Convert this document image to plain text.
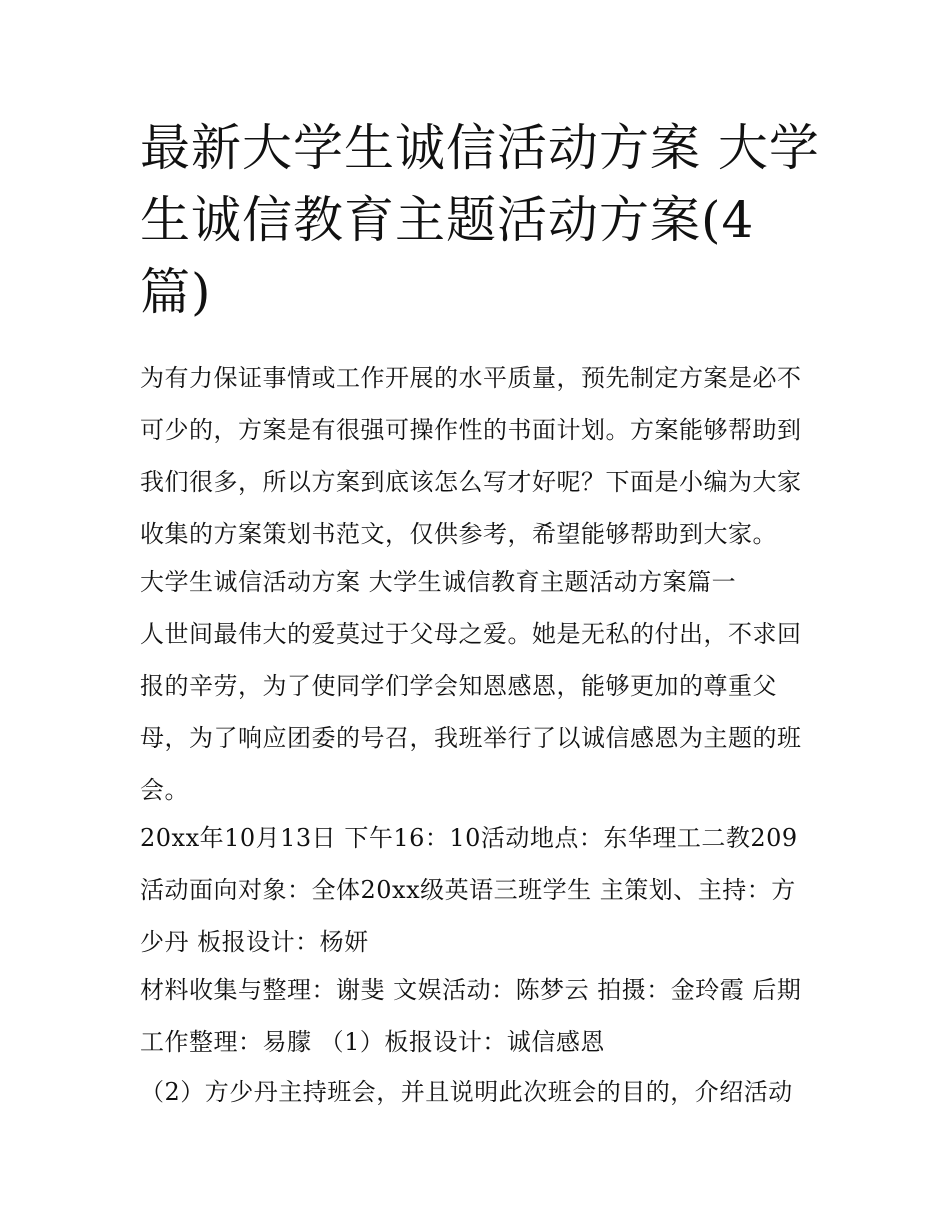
最新大学生诚信活动方案 大学生诚信教育主题活动方案(4篇)

为有力保证事情或工作开展的水平质量，预先制定方案是必不可少的，方案是有很强可操作性的书面计划。方案能够帮助到我们很多，所以方案到底该怎么写才好呢？下面是小编为大家收集的方案策划书范文，仅供参考，希望能够帮助到大家。

大学生诚信活动方案 大学生诚信教育主题活动方案篇一

人世间最伟大的爱莫过于父母之爱。她是无私的付出，不求回报的辛劳，为了使同学们学会知恩感恩，能够更加的尊重父母，为了响应团委的号召，我班举行了以诚信感恩为主题的班会。

20xx年10月13日 下午16：10活动地点：东华理工二教209活动面向对象：全体20xx级英语三班学生 主策划、主持：方少丹 板报设计：杨妍

材料收集与整理：谢斐 文娱活动：陈梦云 拍摄：金玲霞 后期工作整理：易朦 （1）板报设计：诚信感恩

（2）方少丹主持班会，并且说明此次班会的目的，介绍活动
